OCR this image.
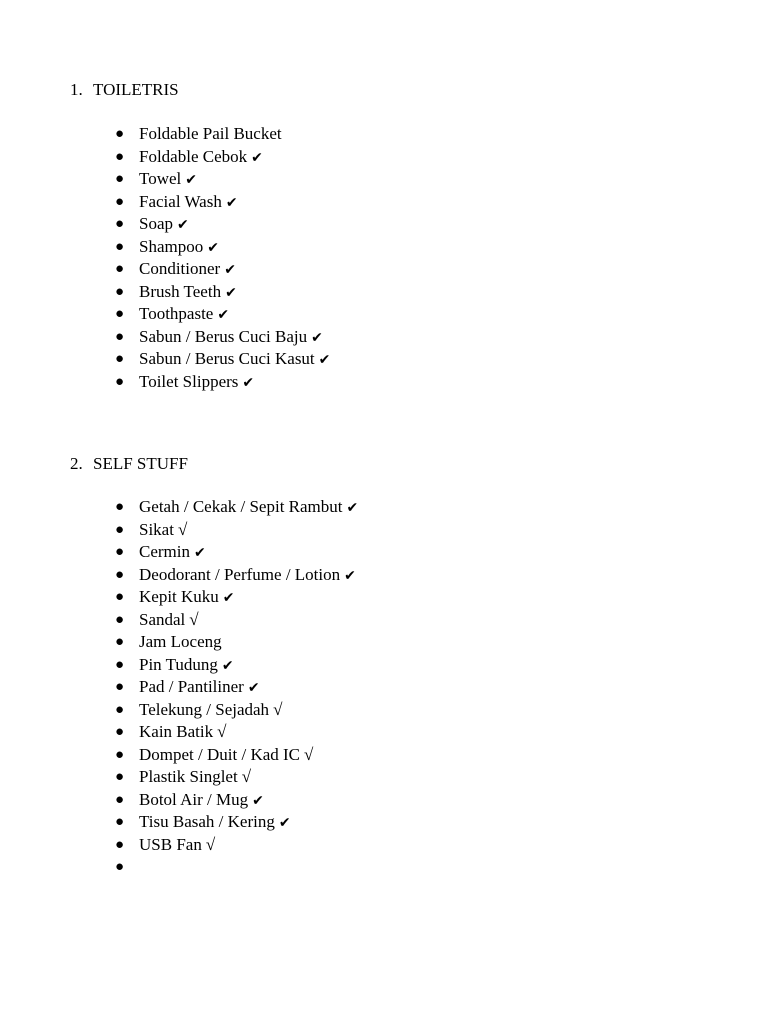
1. TOILETRIS
● Foldable Pail Bucket
● Foldable Cebok ✔
● Towel ✔
● Facial Wash ✔
● Soap ✔
● Shampoo ✔
● Conditioner ✔
● Brush Teeth ✔
● Toothpaste ✔
● Sabun / Berus Cuci Baju ✔
● Sabun / Berus Cuci Kasut ✔
● Toilet Slippers ✔
2. SELF STUFF
● Getah / Cekak / Sepit Rambut ✔
● Sikat √
● Cermin ✔
● Deodorant / Perfume / Lotion ✔
● Kepit Kuku ✔
● Sandal √
● Jam Loceng
● Pin Tudung ✔
● Pad / Pantiliner ✔
● Telekung / Sejadah √
● Kain Batik √
● Dompet / Duit / Kad IC √
● Plastik Singlet √
● Botol Air / Mug ✔
● Tisu Basah / Kering ✔
● USB Fan √
●
